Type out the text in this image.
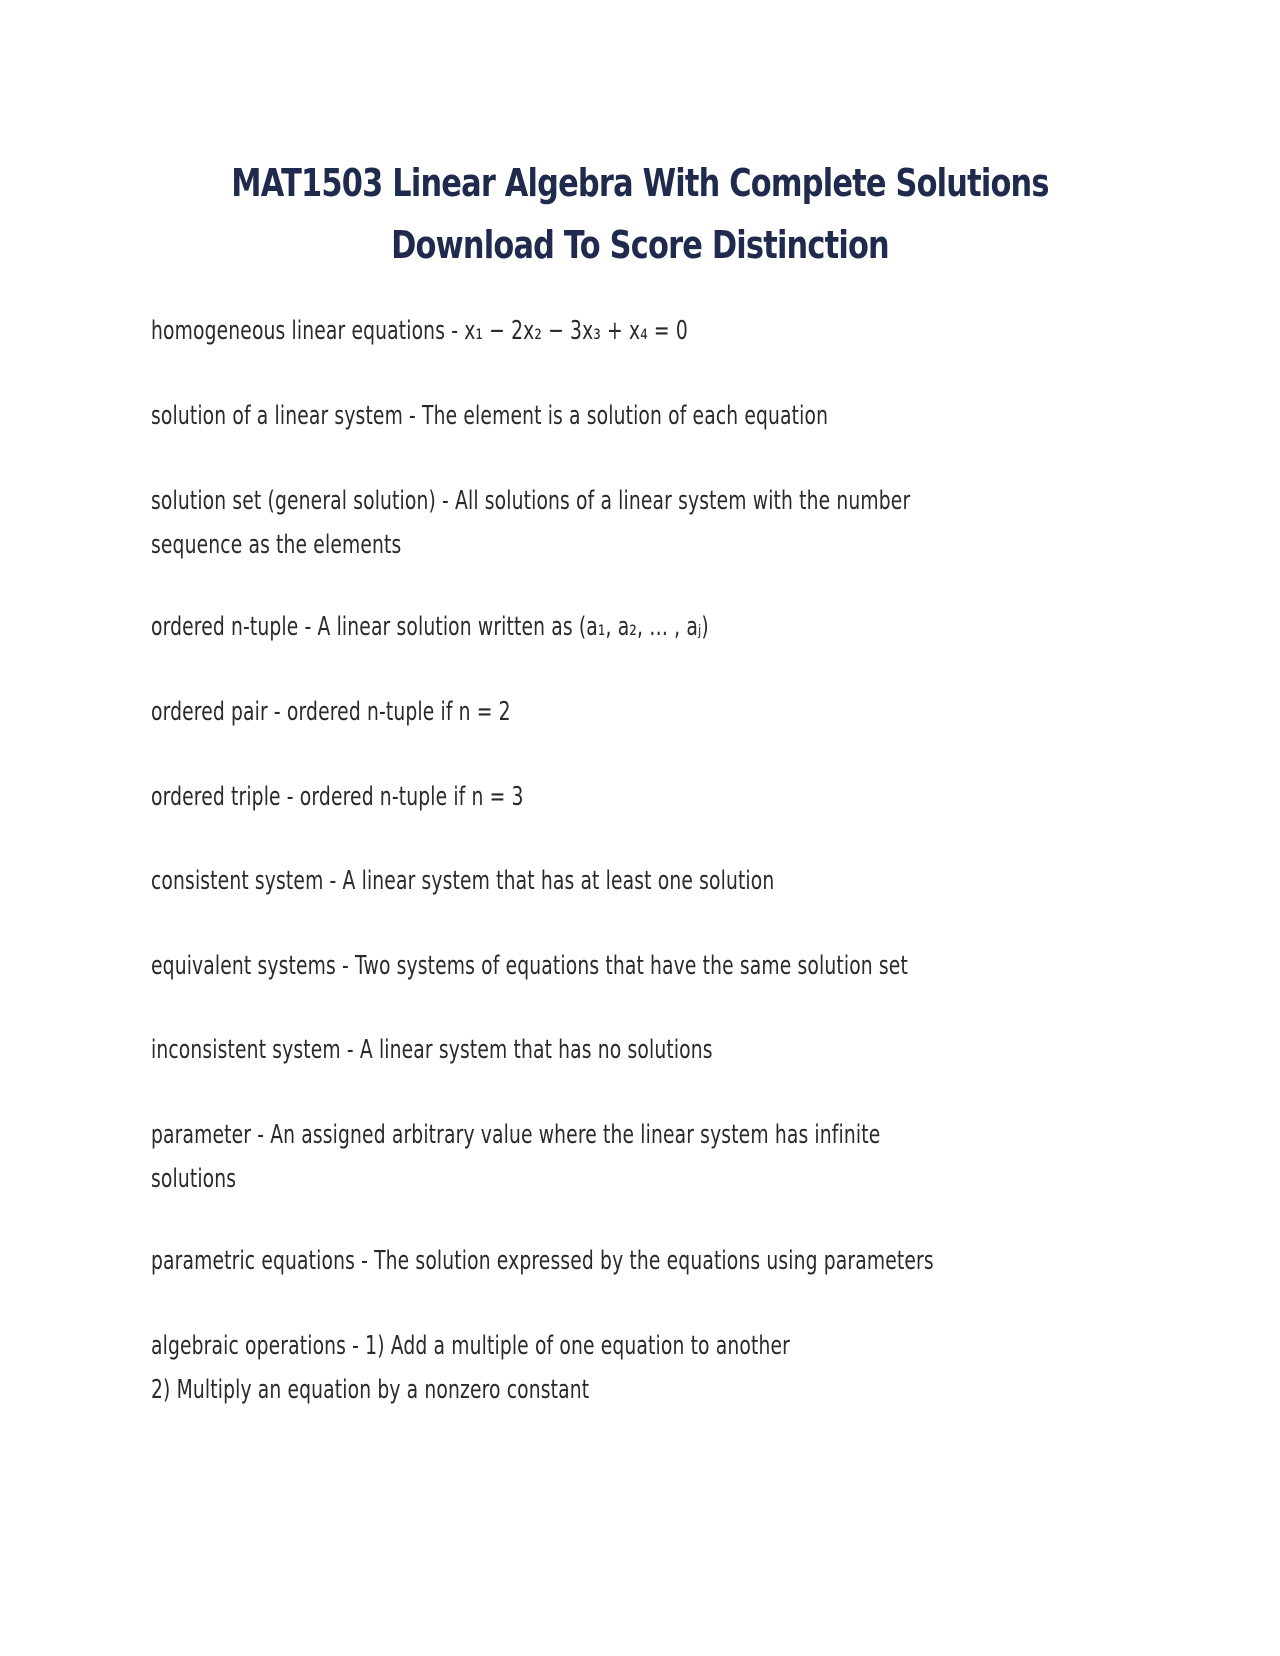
MAT1503 Linear Algebra With Complete Solutions
Download To Score Distinction
homogeneous linear equations - x₁ − 2x₂ − 3x₃ + x₄ = 0
solution of a linear system - The element is a solution of each equation
solution set (general solution) - All solutions of a linear system with the number
sequence as the elements
ordered n-tuple - A linear solution written as (a₁, a₂, … , aⱼ)
ordered pair - ordered n-tuple if n = 2
ordered triple - ordered n-tuple if n = 3
consistent system - A linear system that has at least one solution
equivalent systems - Two systems of equations that have the same solution set
inconsistent system - A linear system that has no solutions
parameter - An assigned arbitrary value where the linear system has infinite
solutions
parametric equations - The solution expressed by the equations using parameters
algebraic operations - 1) Add a multiple of one equation to another
2) Multiply an equation by a nonzero constant
